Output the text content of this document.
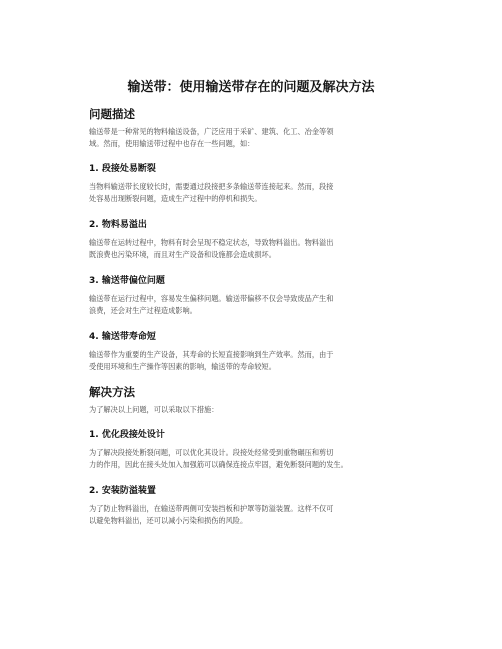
输送带：使用输送带存在的问题及解决方法
问题描述

输送带是一种常见的物料输送设备，广泛应用于采矿、建筑、化工、冶金等领
域。然而，使用输送带过程中也存在一些问题，如：

1. 段接处易断裂

当物料输送带长度较长时，需要通过段接把多条输送带连接起来。然而，段接
处容易出现断裂问题，造成生产过程中的停机和损失。

2. 物料易溢出

输送带在运转过程中，物料有时会呈现不稳定状态，导致物料溢出。物料溢出
既浪费也污染环境，而且对生产设备和设施都会造成损坏。

3. 输送带偏位问题

输送带在运行过程中，容易发生偏移问题。输送带偏移不仅会导致废品产生和
浪费，还会对生产过程造成影响。

4. 输送带寿命短

输送带作为重要的生产设备，其寿命的长短直接影响到生产效率。然而，由于
受使用环境和生产操作等因素的影响，输送带的寿命较短。

解决方法

为了解决以上问题，可以采取以下措施：

1. 优化段接处设计

为了解决段接处断裂问题，可以优化其设计。段接处经常受到重物碾压和剪切
力的作用，因此在接头处加入加强筋可以确保连接点牢固，避免断裂问题的发生。

2. 安装防溢装置

为了防止物料溢出，在输送带两侧可安装挡板和护罩等防溢装置。这样不仅可
以避免物料溢出，还可以减小污染和损伤的风险。
